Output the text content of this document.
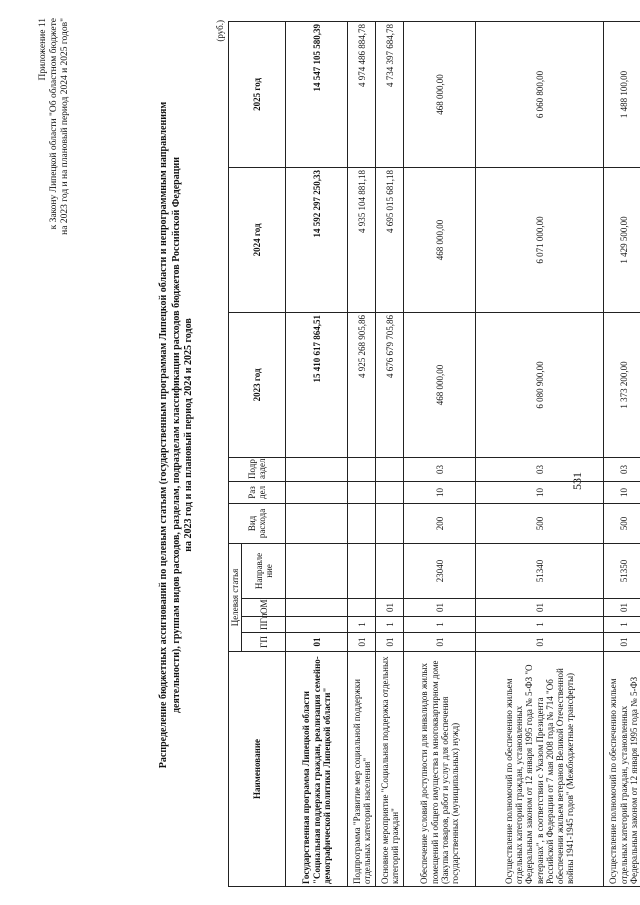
531
Приложение 11 к Закону Липецкой области "Об областном бюджете на 2023 год и на плановый период 2024 и 2025 годов"	Распределение бюджетных ассигнований по целевым статьям (государственным программам Липецкой области и непрограммным направлениям деятельности), группам видов расходов, разделам, подразделам классификации расходов бюджетов Российской Федерации на 2023 год и на плановый период 2024 и 2025 годов
(руб.)
Наименование	Целевая статья				Вид расхода	Раз дел	Подр аздел	2023 год	2024 год	2025 год
	ГП	ПГп	ОМ	Направле ние						
Государственная программа Липецкой области "Социальная поддержка граждан, реализация семейно-демографической политики Липецкой области"	01							15 410 617 864,51	14 592 297 250,33	14 547 105 580,39
Подпрограмма "Развитие мер социальной поддержки отдельных категорий населения"	01	1						4 925 268 905,86	4 935 104 881,18	4 974 486 884,78
Основное мероприятие "Социальная поддержка отдельных категорий граждан"	01	1	01					4 676 679 705,86	4 695 015 681,18	4 734 397 684,78
Обеспечение условий доступности для инвалидов жилых помещений и общего имущества в многоквартирном доме (Закупка товаров, работ и услуг для обеспечения государственных (муниципальных) нужд)	01	1	01	23040	200	10	03	468 000,00	468 000,00	468 000,00
Осуществление полномочий по обеспечению жильем отдельных категорий граждан, установленных Федеральным законом от 12 января 1995 года № 5-ФЗ "О ветеранах", в соответствии с Указом Президента Российской Федерации от 7 мая 2008 года № 714 "Об обеспечении жильем ветеранов Великой Отечественной войны 1941-1945 годов" (Межбюджетные трансферты)	01	1	01	51340	500	10	03	6 080 900,00	6 071 000,00	6 060 800,00
Осуществление полномочий по обеспечению жильем отдельных категорий граждан, установленных Федеральным законом от 12 января 1995 года № 5-ФЗ	01	1	01	51350	500	10	03	1 373 200,00	1 429 500,00	1 488 100,00
